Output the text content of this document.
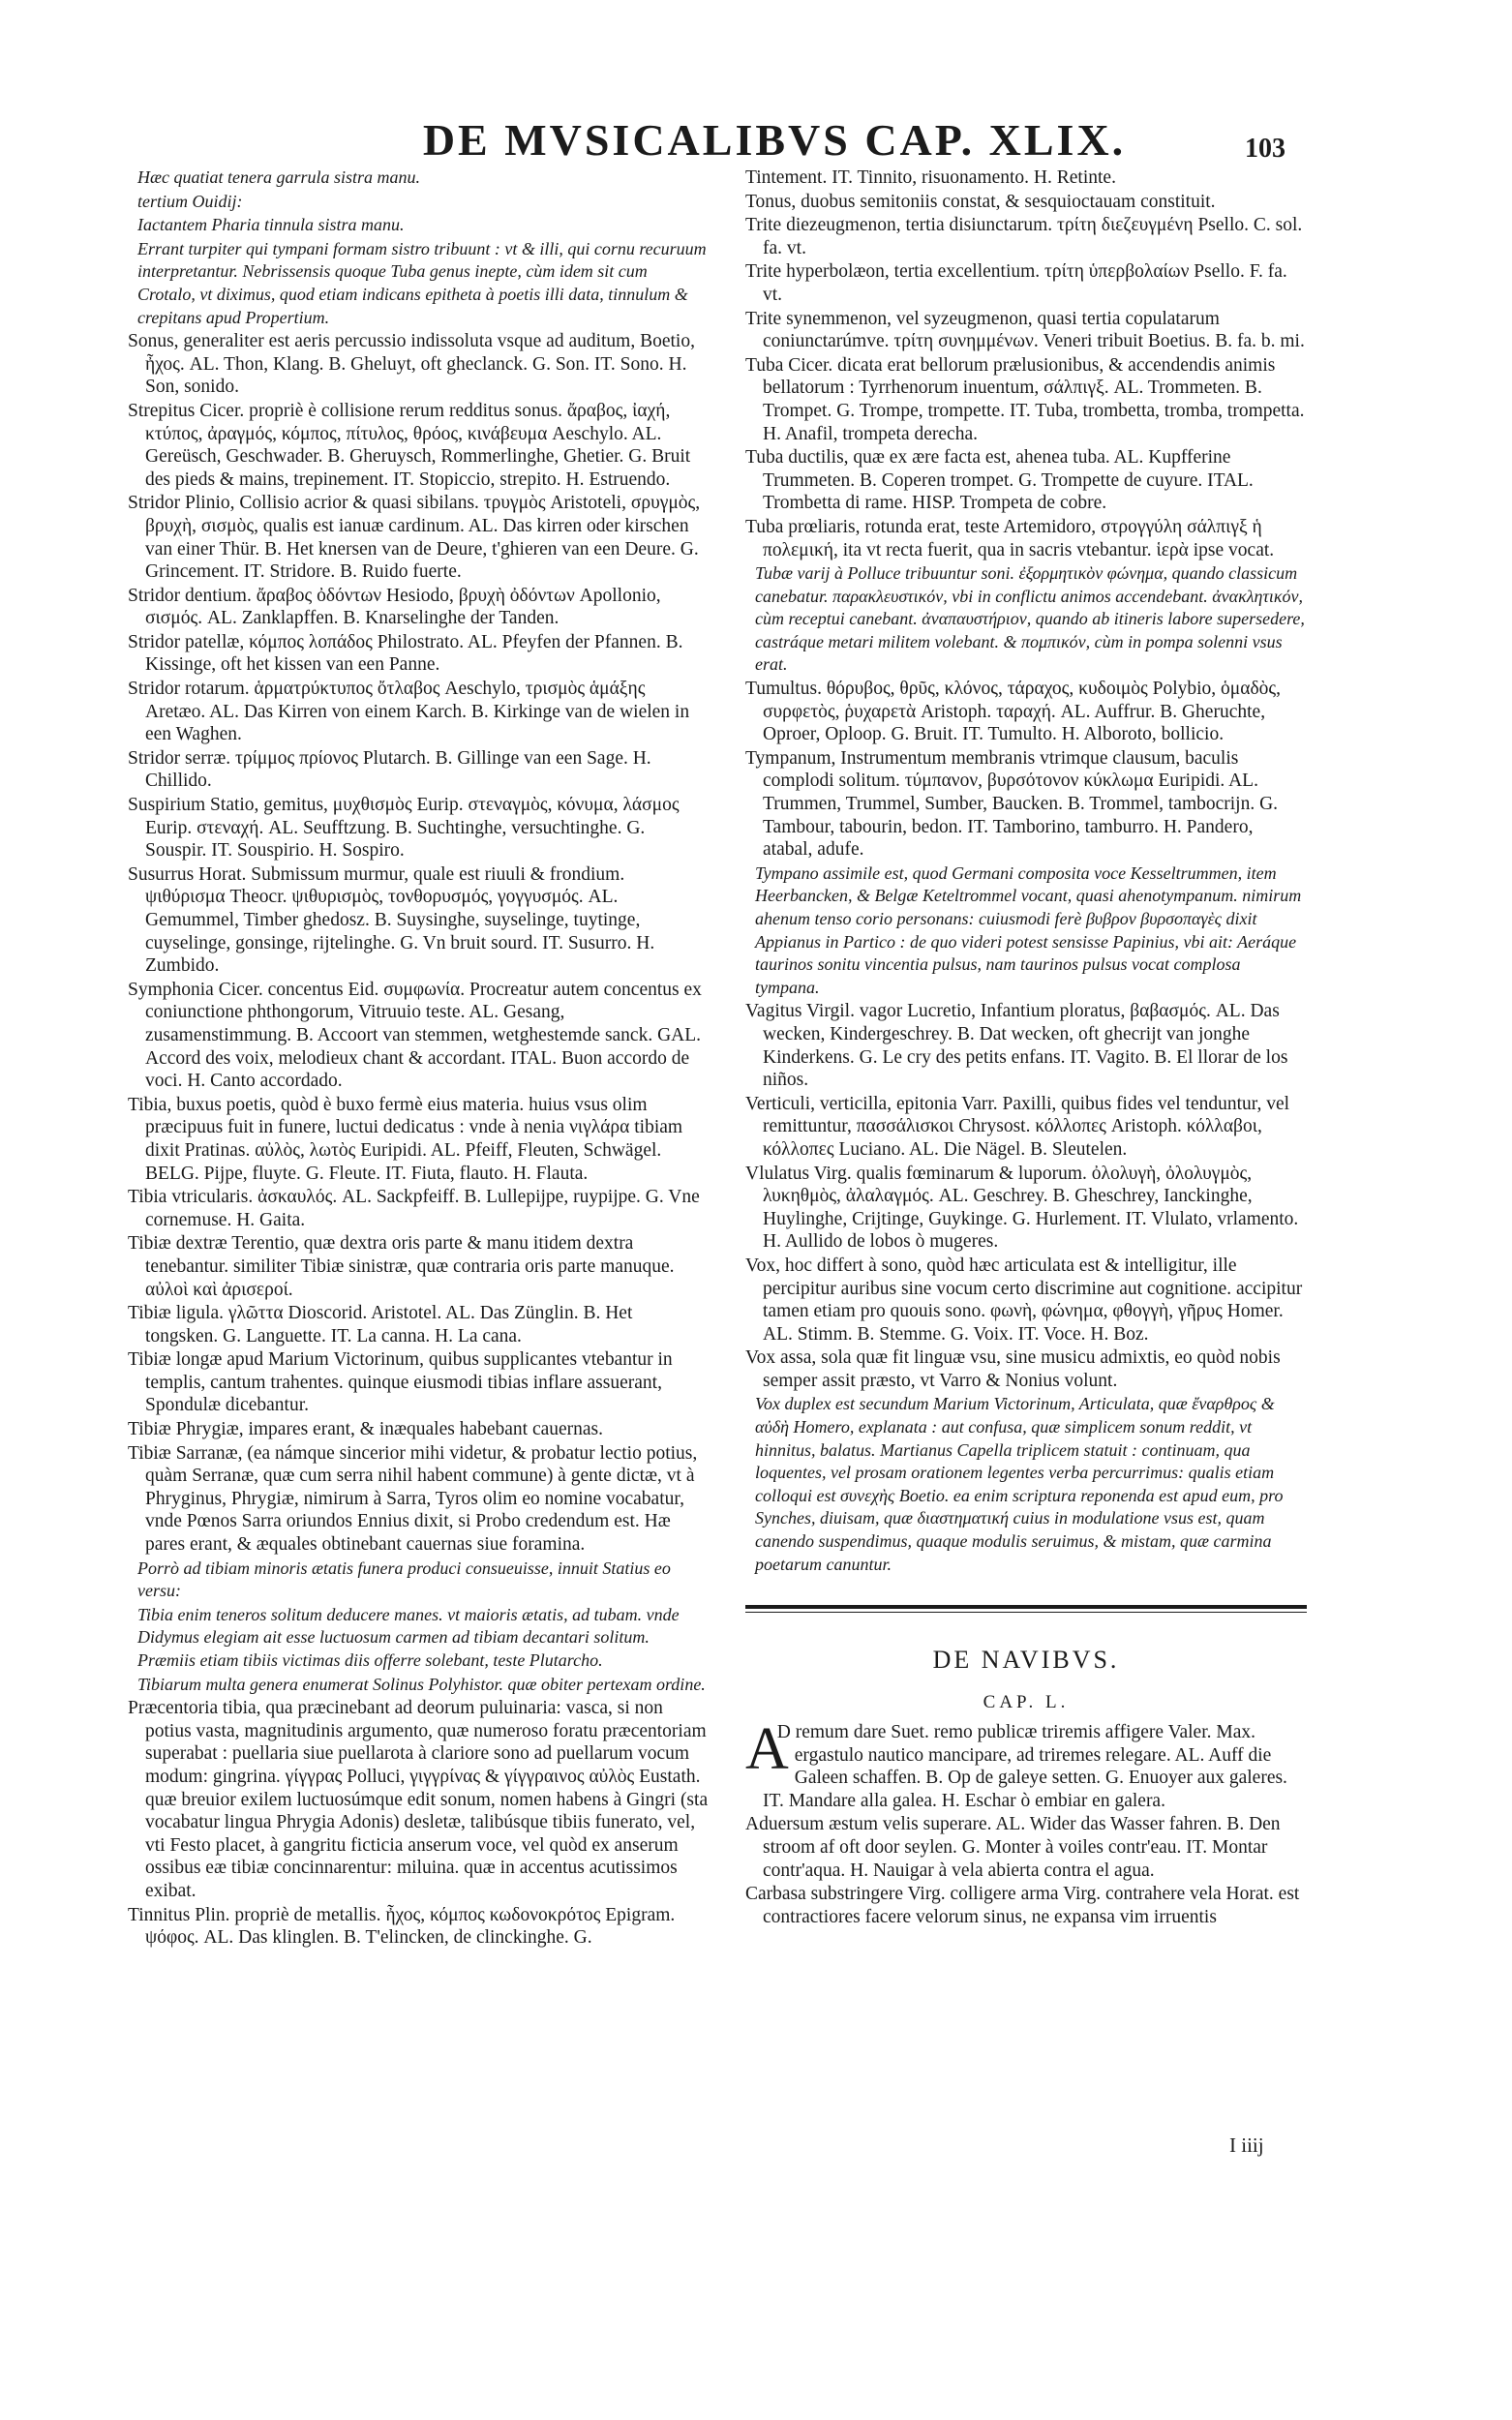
DE MVSICALIBVS CAP. XLIX.	103

Hæc quatiat tenera garrula sistra manu.

tertium Ouidij:

Iactantem Pharia tinnula sistra manu.

Errant turpiter qui tympani formam sistro tribuunt : vt & illi, qui cornu recuruum interpretantur. Nebrissensis quoque Tuba genus inepte, cùm idem sit cum Crotalo, vt diximus, quod etiam indicans epitheta à poetis illi data, tinnulum & crepitans apud Propertium.

Sonus, generaliter est aeris percussio indissoluta vsque ad auditum, Boetio, ἦχος. AL. Thon, Klang. B. Gheluyt, oft gheclanck. G. Son. IT. Sono. H. Son, sonido.

Strepitus Cicer. propriè è collisione rerum redditus sonus. ἄραβος, ἰαχή, κτύπος, ἀραγμός, κόμπος, πίτυλος, θρόος, κινάβευμα Aeschylo. AL. Gereüsch, Geschwader. B. Gheruysch, Rommerlinghe, Ghetier. G. Bruit des pieds & mains, trepinement. IT. Stopiccio, strepito. H. Estruendo.

Stridor Plinio, Collisio acrior & quasi sibilans. τρυγμὸς Aristoteli, σρυγμὸς, βρυχὴ, σισμὸς, qualis est ianuæ cardinum. AL. Das kirren oder kirschen van einer Thür. B. Het knersen van de Deure, t'ghieren van een Deure. G. Grincement. IT. Stridore. B. Ruido fuerte.

Stridor dentium. ἄραβος ὀδόντων Hesiodo, βρυχὴ ὀδόντων Apollonio, σισμός. AL. Zanklapffen. B. Knarselinghe der Tanden.

Stridor patellæ, κόμπος λοπάδος Philostrato. AL. Pfeyfen der Pfannen. B. Kissinge, oft het kissen van een Panne.

Stridor rotarum. ἁρματρύκτυπος ὄτλαβος Aeschylo, τρισμὸς ἁμάξης Aretæo. AL. Das Kirren von einem Karch. B. Kirkinge van de wielen in een Waghen.

Stridor serræ. τρίμμος πρίονος Plutarch. B. Gillinge van een Sage. H. Chillido.

Suspirium Statio, gemitus, μυχθισμὸς Eurip. στεναγμὸς, κόνυμα, λάσμος Eurip. στεναχή. AL. Seufftzung. B. Suchtinghe, versuchtinghe. G. Souspir. IT. Souspirio. H. Sospiro.

Susurrus Horat. Submissum murmur, quale est riuuli & frondium. ψιθύρισμα Theocr. ψιθυρισμὸς, τονθορυσμός, γογγυσμός. AL. Gemummel, Timber ghedosz. B. Suysinghe, suyselinge, tuytinge, cuyselinge, gonsinge, rijtelinghe. G. Vn bruit sourd. IT. Susurro. H. Zumbido.

Symphonia Cicer. concentus Eid. συμφωνία. Procreatur autem concentus ex coniunctione phthongorum, Vitruuio teste. AL. Gesang, zusamenstimmung. B. Accoort van stemmen, wetghestemde sanck. GAL. Accord des voix, melodieux chant & accordant. ITAL. Buon accordo de voci. H. Canto accordado.

Tibia, buxus poetis, quòd è buxo fermè eius materia. huius vsus olim præcipuus fuit in funere, luctui dedicatus : vnde à nenia νιγλάρα tibiam dixit Pratinas. αὐλὸς, λωτὸς Euripidi. AL. Pfeiff, Fleuten, Schwägel. BELG. Pijpe, fluyte. G. Fleute. IT. Fiuta, flauto. H. Flauta.

Tibia vtricularis. ἀσκαυλός. AL. Sackpfeiff. B. Lullepijpe, ruypijpe. G. Vne cornemuse. H. Gaita.

Tibiæ dextræ Terentio, quæ dextra oris parte & manu itidem dextra tenebantur. similiter Tibiæ sinistræ, quæ contraria oris parte manuque. αὐλοὶ καὶ ἀρισεροί.

Tibiæ ligula. γλῶττα Dioscorid. Aristotel. AL. Das Zünglin. B. Het tongsken. G. Languette. IT. La canna. H. La cana.

Tibiæ longæ apud Marium Victorinum, quibus supplicantes vtebantur in templis, cantum trahentes. quinque eiusmodi tibias inflare assuerant, Spondulæ dicebantur.

Tibiæ Phrygiæ, impares erant, & inæquales habebant cauernas.

Tibiæ Sarranæ, (ea námque sincerior mihi videtur, & probatur lectio potius, quàm Serranæ, quæ cum serra nihil habent commune) à gente dictæ, vt à Phryginus, Phrygiæ, nimirum à Sarra, Tyros olim eo nomine vocabatur, vnde Pœnos Sarra oriundos Ennius dixit, si Probo credendum est. Hæ pares erant, & æquales obtinebant cauernas siue foramina.

Porrò ad tibiam minoris ætatis funera produci consueuisse, innuit Statius eo versu:

Tibia enim teneros solitum deducere manes. vt maioris ætatis, ad tubam. vnde Didymus elegiam ait esse luctuosum carmen ad tibiam decantari solitum. Præmiis etiam tibiis victimas diis offerre solebant, teste Plutarcho.

Tibiarum multa genera enumerat Solinus Polyhistor. quæ obiter pertexam ordine.

Præcentoria tibia, qua præcinebant ad deorum puluinaria: vasca, si non potius vasta, magnitudinis argumento, quæ numeroso foratu præcentoriam superabat : puellaria siue puellarota à clariore sono ad puellarum vocum modum: gingrina. γίγγρας Polluci, γιγγρίνας & γίγγραινος αὐλὸς Eustath. quæ breuior exilem luctuosúmque edit sonum, nomen habens à Gingri (sta vocabatur lingua Phrygia Adonis) desletæ, talibúsque tibiis funerato, vel, vti Festo placet, à gangritu ficticia anserum voce, vel quòd ex anserum ossibus eæ tibiæ concinnarentur: miluina. quæ in accentus acutissimos exibat.

Tinnitus Plin. propriè de metallis. ἦχος, κόμπος κωδονοκρότος Epigram. ψόφος. AL. Das klinglen. B. T'elincken, de clinckinghe. G.

Tintement. IT. Tinnito, risuonamento. H. Retinte.

Tonus, duobus semitoniis constat, & sesquioctauam constituit.

Trite diezeugmenon, tertia disiunctarum. τρίτη διεζευγμένη Psello. C. sol. fa. vt.

Trite hyperbolæon, tertia excellentium. τρίτη ὑπερβολαίων Psello. F. fa. vt.

Trite synemmenon, vel syzeugmenon, quasi tertia copulatarum coniunctarúmve. τρίτη συνημμένων. Veneri tribuit Boetius. B. fa. b. mi.

Tuba Cicer. dicata erat bellorum prælusionibus, & accendendis animis bellatorum : Tyrrhenorum inuentum, σάλπιγξ. AL. Trommeten. B. Trompet. G. Trompe, trompette. IT. Tuba, trombetta, tromba, trompetta. H. Anafil, trompeta derecha.

Tuba ductilis, quæ ex ære facta est, ahenea tuba. AL. Kupfferine Trummeten. B. Coperen trompet. G. Trompette de cuyure. ITAL. Trombetta di rame. HISP. Trompeta de cobre.

Tuba prœliaris, rotunda erat, teste Artemidoro, στρογγύλη σάλπιγξ ἡ πολεμική, ita vt recta fuerit, qua in sacris vtebantur. ἱερὰ ipse vocat.

Tubæ varij à Polluce tribuuntur soni. ἐξορμητικὸν φώνημα, quando classicum canebatur. παρακλευστικόν, vbi in conflictu animos accendebant. ἀνακλητικόν, cùm receptui canebant. ἀναπαυστήριον, quando ab itineris labore supersedere, castráque metari militem volebant. & πομπικόν, cùm in pompa solenni vsus erat.

Tumultus. θόρυβος, θρῦς, κλόνος, τάραχος, κυδοιμὸς Polybio, ὁμαδὸς, συρφετὸς, ῥυχαρετὰ Aristoph. ταραχή. AL. Auffrur. B. Gheruchte, Oproer, Oploop. G. Bruit. IT. Tumulto. H. Alboroto, bollicio.

Tympanum, Instrumentum membranis vtrimque clausum, baculis complodi solitum. τύμπανον, βυρσότονον κύκλωμα Euripidi. AL. Trummen, Trummel, Sumber, Baucken. B. Trommel, tambocrijn. G. Tambour, tabourin, bedon. IT. Tamborino, tamburro. H. Pandero, atabal, adufe.

Tympano assimile est, quod Germani composita voce Kesseltrummen, item Heerbancken, & Belgæ Keteltrommel vocant, quasi ahenotympanum. nimirum ahenum tenso corio personans: cuiusmodi ferè βυβρον βυρσοπαγὲς dixit Appianus in Partico : de quo videri potest sensisse Papinius, vbi ait: Aeráque taurinos sonitu vincentia pulsus, nam taurinos pulsus vocat complosa tympana.

Vagitus Virgil. vagor Lucretio, Infantium ploratus, βαβασμός. AL. Das wecken, Kindergeschrey. B. Dat wecken, oft ghecrijt van jonghe Kinderkens. G. Le cry des petits enfans. IT. Vagito. B. El llorar de los niños.

Verticuli, verticilla, epitonia Varr. Paxilli, quibus fides vel tenduntur, vel remittuntur, πασσάλισκοι Chrysost. κόλλοπες Aristoph. κόλλαβοι, κόλλοπες Luciano. AL. Die Nägel. B. Sleutelen.

Vlulatus Virg. qualis fœminarum & luporum. ὀλολυγὴ, ὀλολυγμὸς, λυκηθμὸς, ἀλαλαγμός. AL. Geschrey. B. Gheschrey, Ianckinghe, Huylinghe, Crijtinge, Guykinge. G. Hurlement. IT. Vlulato, vrlamento. H. Aullido de lobos ò mugeres.

Vox, hoc differt à sono, quòd hæc articulata est & intelligitur, ille percipitur auribus sine vocum certo discrimine aut cognitione. accipitur tamen etiam pro quouis sono. φωνὴ, φώνημα, φθογγὴ, γῆρυς Homer. AL. Stimm. B. Stemme. G. Voix. IT. Voce. H. Boz.

Vox assa, sola quæ fit linguæ vsu, sine musicu admixtis, eo quòd nobis semper assit præsto, vt Varro & Nonius volunt.

Vox duplex est secundum Marium Victorinum, Articulata, quæ ἔναρθρος & αὐδὴ Homero, explanata : aut confusa, quæ simplicem sonum reddit, vt hinnitus, balatus. Martianus Capella triplicem statuit : continuam, qua loquentes, vel prosam orationem legentes verba percurrimus: qualis etiam colloqui est συνεχὴς Boetio. ea enim scriptura reponenda est apud eum, pro Synches, diuisam, quæ διαστηματική cuius in modulatione vsus est, quam canendo suspendimus, quaque modulis seruimus, & mistam, quæ carmina poetarum canuntur.

DE NAVIBVS.
CAP. L.

A
D remum dare Suet. remo publicæ triremis affigere Valer. Max. ergastulo nautico mancipare, ad triremes relegare. AL. Auff die Galeen schaffen. B. Op de galeye setten. G. Enuoyer aux galeres. IT. Mandare alla galea. H. Eschar ò embiar en galera.

Aduersum æstum velis superare. AL. Wider das Wasser fahren. B. Den stroom af oft door seylen. G. Monter à voiles contr'eau. IT. Montar contr'aqua. H. Nauigar à vela abierta contra el agua.

Carbasa substringere Virg. colligere arma Virg. contrahere vela Horat. est contractiores facere velorum sinus, ne expansa vim irruentis

I iiij
